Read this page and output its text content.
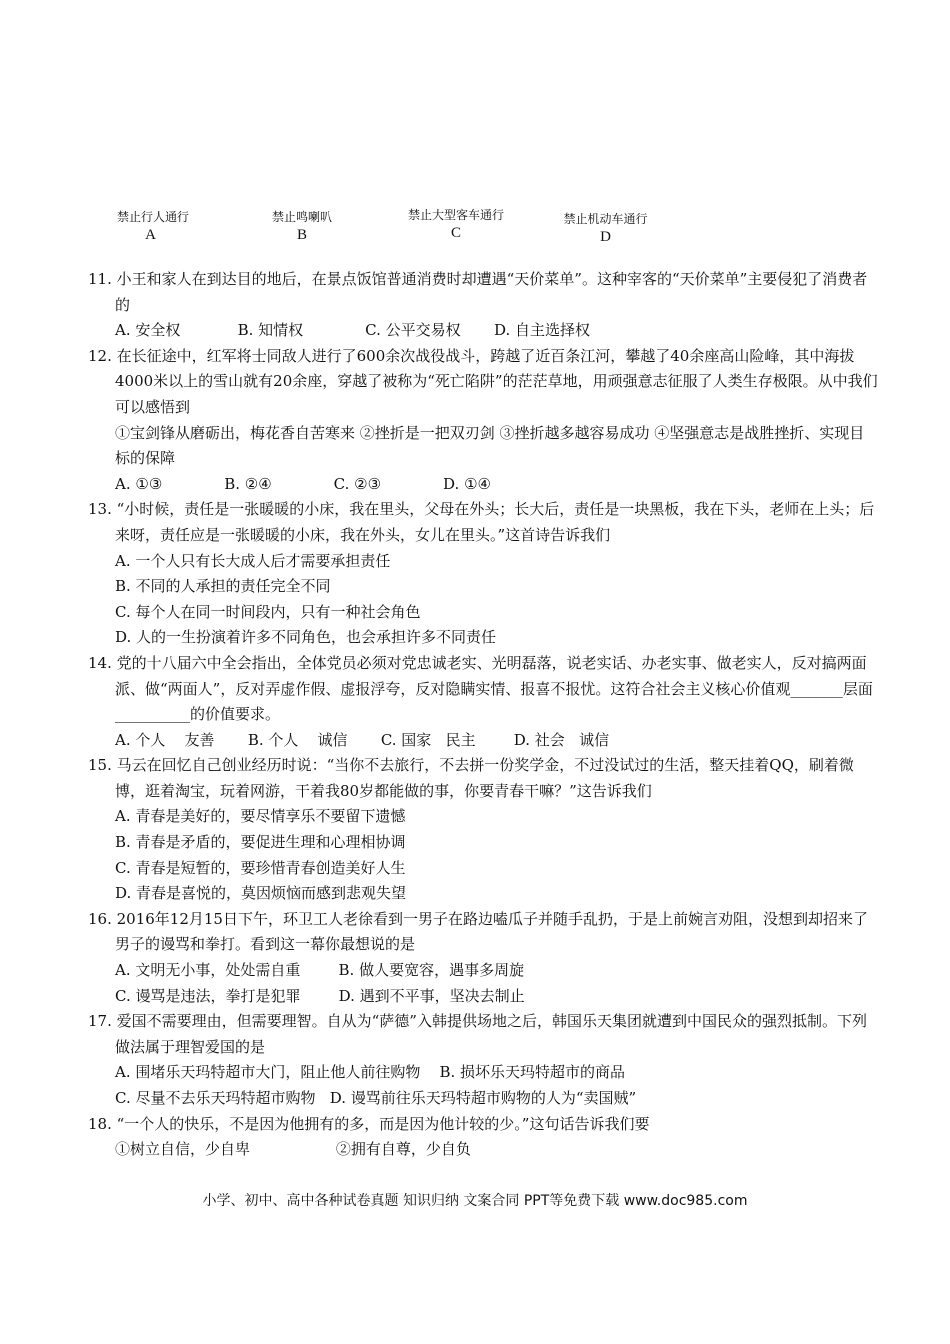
禁止行人通行
A
禁止鸣喇叭
B
禁止大型客车通行
C
禁止机动车通行
D
11. 小王和家人在到达目的地后，在景点饭馆普通消费时却遭遇“天价菜单”。这种宰客的“天价菜单”主要侵犯了消费者的
A. 安全权            B. 知情权             C. 公平交易权       D. 自主选择权
12. 在长征途中，红军将士同敌人进行了600余次战役战斗，跨越了近百条江河，攀越了40余座高山险峰，其中海拔4000米以上的雪山就有20余座，穿越了被称为“死亡陷阱”的茫茫草地，用顽强意志征服了人类生存极限。从中我们可以感悟到
①宝剑锋从磨砺出，梅花香自苦寒来 ②挫折是一把双刃剑 ③挫折越多越容易成功 ④坚强意志是战胜挫折、实现目标的保障
A. ①③             B. ②④             C. ②③             D. ①④
13. “小时候，责任是一张暖暖的小床，我在里头，父母在外头；长大后，责任是一块黑板，我在下头，老师在上头；后来呀，责任应是一张暖暖的小床，我在外头，女儿在里头。”这首诗告诉我们
A. 一个人只有长大成人后才需要承担责任
B. 不同的人承担的责任完全不同
C. 每个人在同一时间段内，只有一种社会角色
D. 人的一生扮演着许多不同角色，也会承担许多不同责任
14. 党的十八届六中全会指出，全体党员必须对党忠诚老实、光明磊落，说老实话、办老实事、做老实人，反对搞两面派、做“两面人”，反对弄虚作假、虚报浮夸，反对隐瞒实情、报喜不报忧。这符合社会主义核心价值观_______层面__________的价值要求。
A. 个人    友善       B. 个人    诚信       C. 国家   民主        D. 社会   诚信
15. 马云在回忆自己创业经历时说：“当你不去旅行，不去拼一份奖学金，不过没试过的生活，整天挂着QQ，刷着微博，逛着淘宝，玩着网游，干着我80岁都能做的事，你要青春干嘛？”这告诉我们
A. 青春是美好的，要尽情享乐不要留下遗憾
B. 青春是矛盾的，要促进生理和心理相协调
C. 青春是短暂的，要珍惜青春创造美好人生
D. 青春是喜悦的，莫因烦恼而感到悲观失望
16. 2016年12月15日下午，环卫工人老徐看到一男子在路边嗑瓜子并随手乱扔，于是上前婉言劝阻，没想到却招来了男子的谩骂和拳打。看到这一幕你最想说的是
A. 文明无小事，处处需自重        B. 做人要宽容，遇事多周旋
C. 谩骂是违法，拳打是犯罪        D. 遇到不平事，坚决去制止
17. 爱国不需要理由，但需要理智。自从为“萨德”入韩提供场地之后，韩国乐天集团就遭到中国民众的强烈抵制。下列做法属于理智爱国的是
A. 围堵乐天玛特超市大门，阻止他人前往购物    B. 损坏乐天玛特超市的商品
C. 尽量不去乐天玛特超市购物   D. 谩骂前往乐天玛特超市购物的人为“卖国贼”
18. “一个人的快乐，不是因为他拥有的多，而是因为他计较的少。”这句话告诉我们要
①树立自信，少自卑                  ②拥有自尊，少自负
小学、初中、高中各种试卷真题 知识归纳 文案合同 PPT等免费下载 www.doc985.com
